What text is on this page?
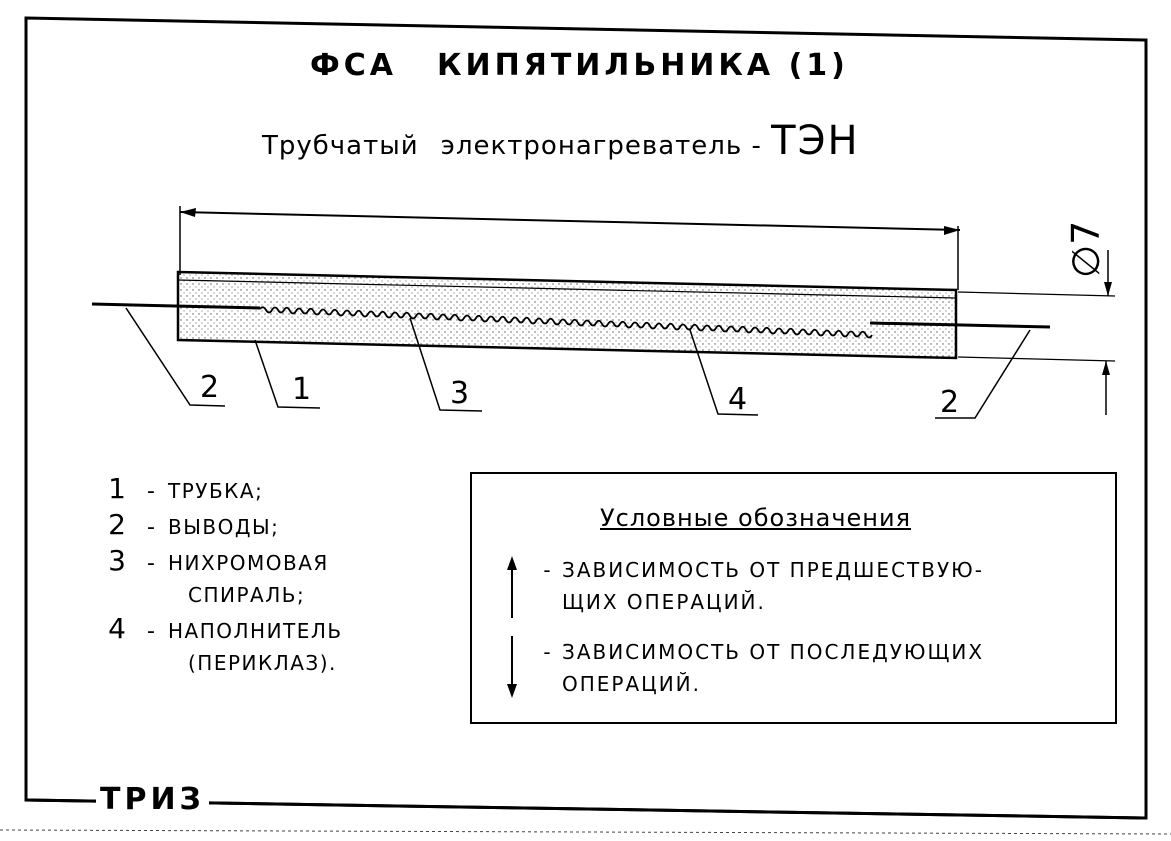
ФСА КИПЯТИЛЬНИКА (1)
Трубчатый электронагреватель - ТЭН
2 1	3	4	2
∅7
1 - ТРУБКА;
2 - ВЫВОДЫ;
3 - НИХРОМОВАЯ
СПИРАЛЬ;
4 - НАПОЛНИТЕЛЬ
(ПЕРИКЛАЗ).
Условные обозначения
- ЗАВИСИМОСТЬ ОТ ПРЕДШЕСТВУЮ-
ЩИХ ОПЕРАЦИЙ.
- ЗАВИСИМОСТЬ ОТ ПОСЛЕДУЮЩИХ
ОПЕРАЦИЙ.
ТРИЗ
